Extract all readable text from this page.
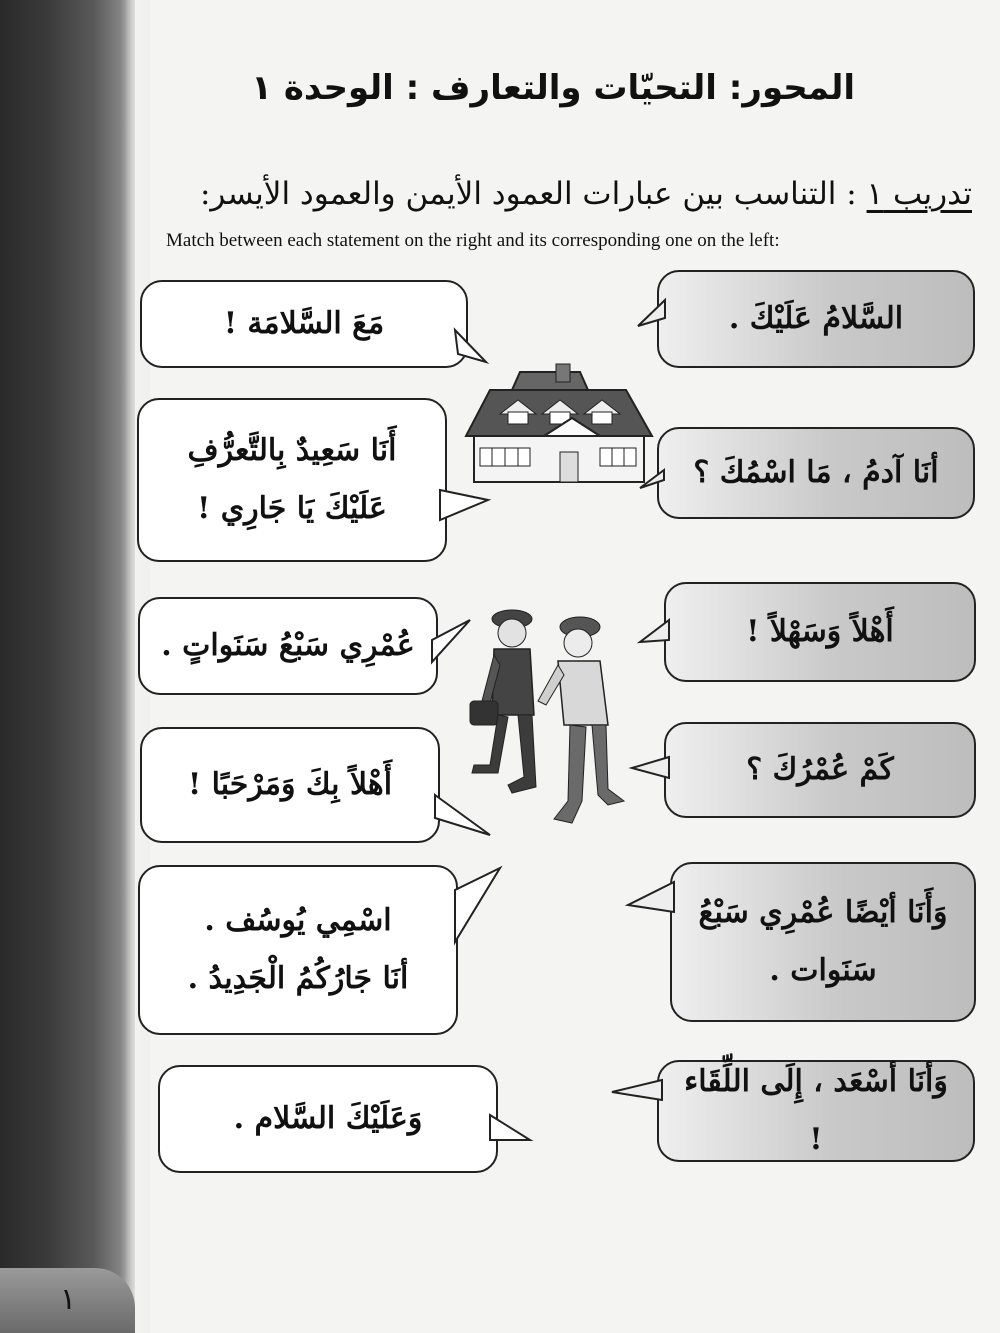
١
المحور: التحيّات والتعارف : الوحدة ١
تدريب ١ : التناسب بين عبارات العمود الأيمن والعمود الأيسر:
Match between each statement on the right and its corresponding one on the left:
السَّلامُ عَلَيْكَ .
أنَا آدمُ ، مَا اسْمُكَ ؟
أَهْلاً وَسَهْلاً !
كَمْ عُمْرُكَ ؟
وَأَنَا أيْضًا عُمْرِي سَبْعُ
سَنَوات .
وَأنَا أسْعَد ، إِلَى اللِّقَاء !
مَعَ السَّلامَة !
أَنَا سَعِيدٌ بِالتَّعرُّفِ
عَلَيْكَ يَا جَارِي !
عُمْرِي سَبْعُ سَنَواتٍ .
أَهْلاً بِكَ وَمَرْحَبًا !
اسْمِي يُوسُف .
أنَا جَارُكُمُ الْجَدِيدُ .
وَعَلَيْكَ السَّلام .
